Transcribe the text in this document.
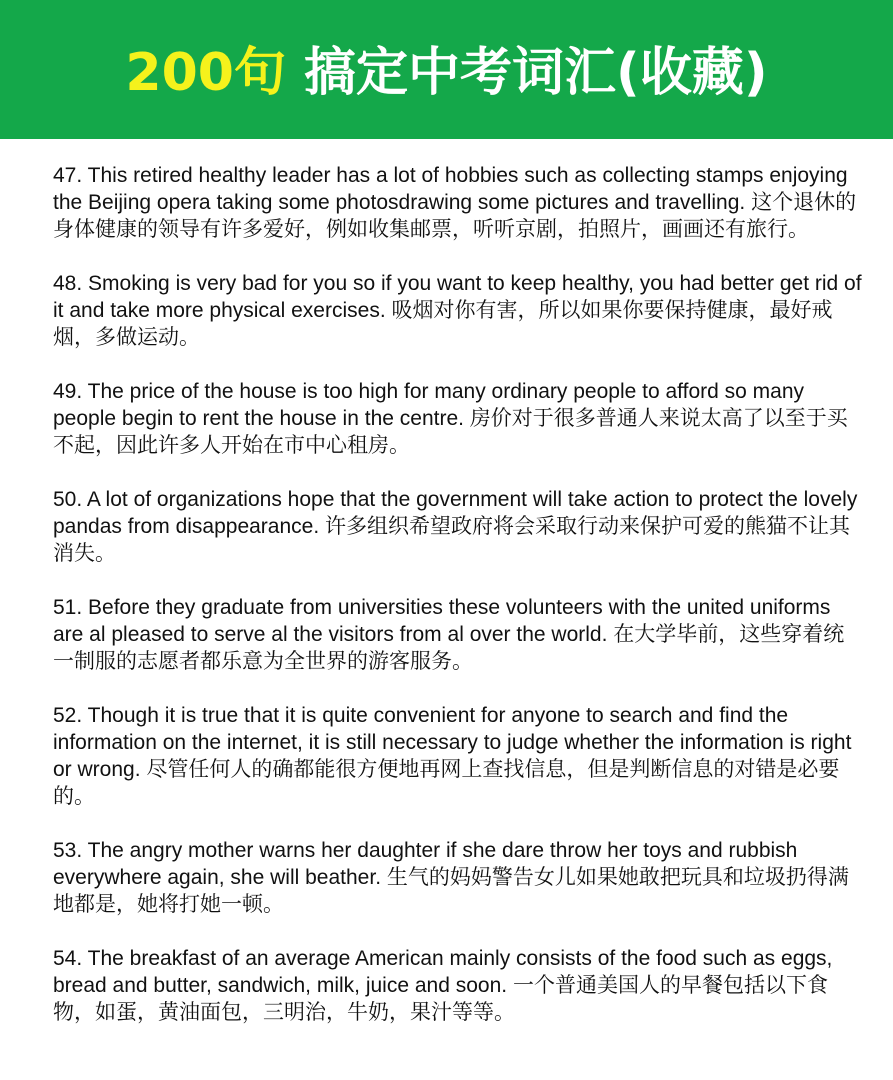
200句 搞定中考词汇(收藏)

47. This retired healthy leader has a lot of hobbies such as collecting stamps enjoying the Beijing opera taking some photosdrawing some pictures and travelling. 这个退休的身体健康的领导有许多爱好，例如收集邮票，听听京剧，拍照片，画画还有旅行。

48. Smoking is very bad for you so if you want to keep healthy, you had better get rid of it and take more physical exercises. 吸烟对你有害，所以如果你要保持健康，最好戒烟，多做运动。

49. The price of the house is too high for many ordinary people to afford so many people begin to rent the house in the centre. 房价对于很多普通人来说太高了以至于买不起，因此许多人开始在市中心租房。

50. A lot of organizations hope that the government will take action to protect the lovely pandas from disappearance. 许多组织希望政府将会采取行动来保护可爱的熊猫不让其消失。

51. Before they graduate from universities these volunteers with the united uniforms are al pleased to serve al the visitors from al over the world. 在大学毕前，这些穿着统一制服的志愿者都乐意为全世界的游客服务。

52. Though it is true that it is quite convenient for anyone to search and find the information on the internet, it is still necessary to judge whether the information is right or wrong. 尽管任何人的确都能很方便地再网上查找信息，但是判断信息的对错是必要的。

53. The angry mother warns her daughter if she dare throw her toys and rubbish everywhere again, she will beather. 生气的妈妈警告女儿如果她敢把玩具和垃圾扔得满地都是，她将打她一顿。

54. The breakfast of an average American mainly consists of the food such as eggs, bread and butter, sandwich, milk, juice and soon. 一个普通美国人的早餐包括以下食物，如蛋，黄油面包，三明治，牛奶，果汁等等。
